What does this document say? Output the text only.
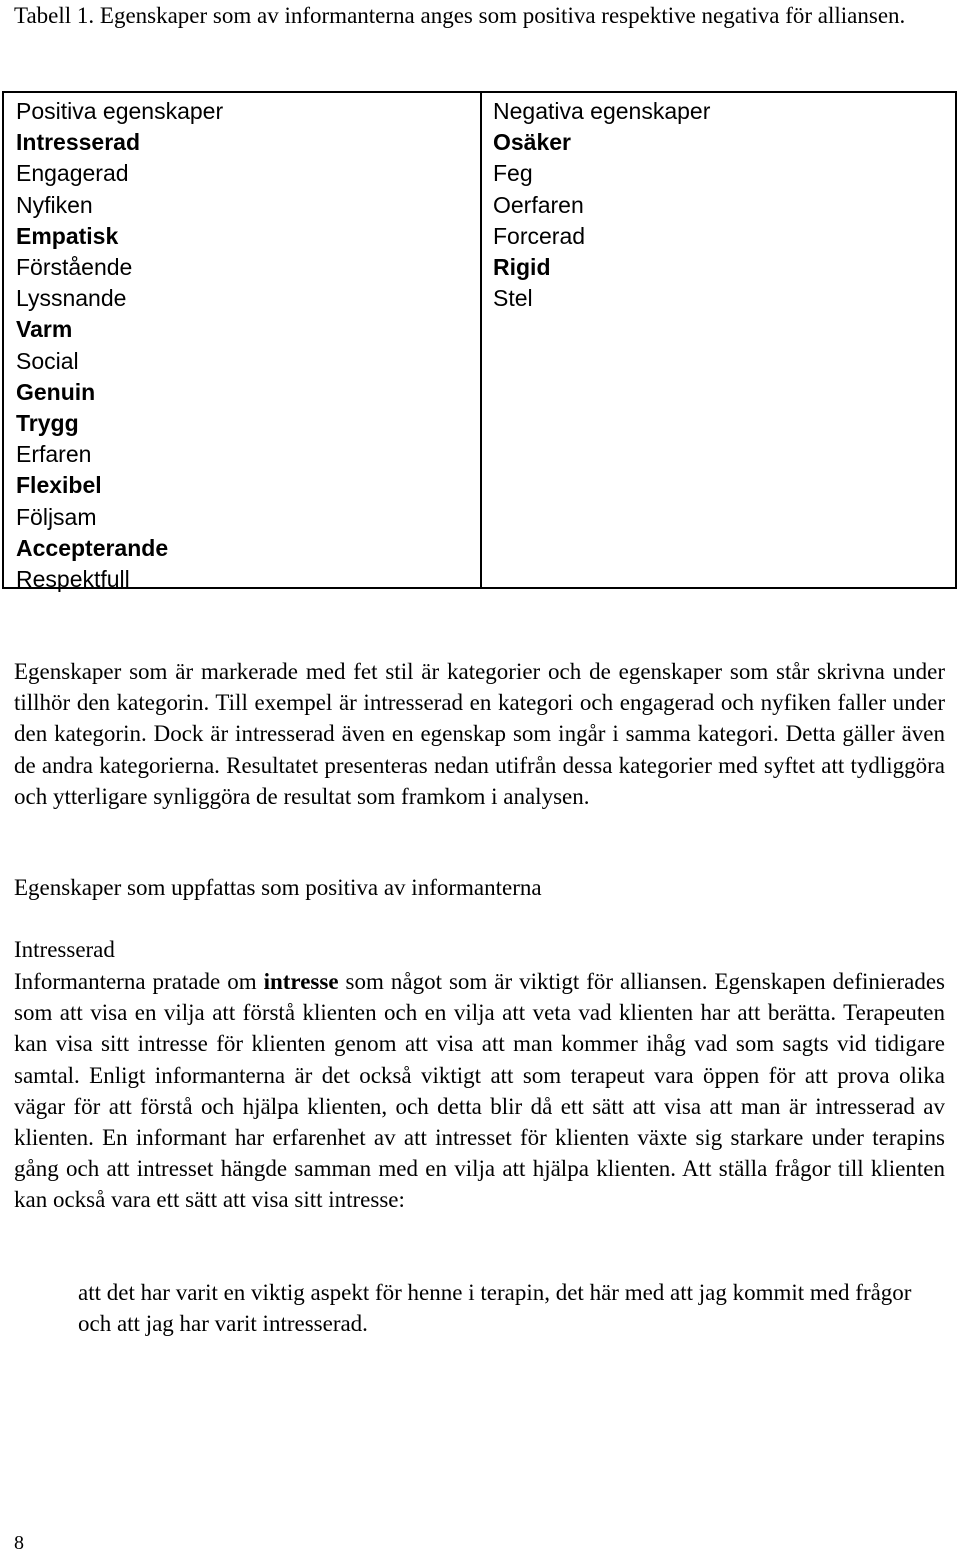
Tabell 1. Egenskaper som av informanterna anges som positiva respektive negativa för alliansen.
Positiva egenskaper
Intresserad
Engagerad
Nyfiken
Empatisk
Förstående
Lyssnande
Varm
Social
Genuin
Trygg
Erfaren
Flexibel
Följsam
Accepterande
Respektfull
Negativa egenskaper
Osäker
Feg
Oerfaren
Forcerad
Rigid
Stel

Egenskaper som är markerade med fet stil är kategorier och de egenskaper som står skrivna under tillhör den kategorin. Till exempel är intresserad en kategori och engagerad och nyfiken faller under den kategorin. Dock är intresserad även en egenskap som ingår i samma kategori. Detta gäller även de andra kategorierna. Resultatet presenteras nedan utifrån dessa kategorier med syftet att tydliggöra och ytterligare synliggöra de resultat som framkom i analysen.

Egenskaper som uppfattas som positiva av informanterna

Intresserad

Informanterna pratade om intresse som något som är viktigt för alliansen. Egenskapen definierades som att visa en vilja att förstå klienten och en vilja att veta vad klienten har att berätta. Terapeuten kan visa sitt intresse för klienten genom att visa att man kommer ihåg vad som sagts vid tidigare samtal. Enligt informanterna är det också viktigt att som terapeut vara öppen för att prova olika vägar för att förstå och hjälpa klienten, och detta blir då ett sätt att visa att man är intresserad av klienten. En informant har erfarenhet av att intresset för klienten växte sig starkare under terapins gång och att intresset hängde samman med en vilja att hjälpa klienten. Att ställa frågor till klienten kan också vara ett sätt att visa sitt intresse:

att det har varit en viktig aspekt för henne i terapin, det här med att jag kommit med frågor och att jag har varit intresserad.

8
